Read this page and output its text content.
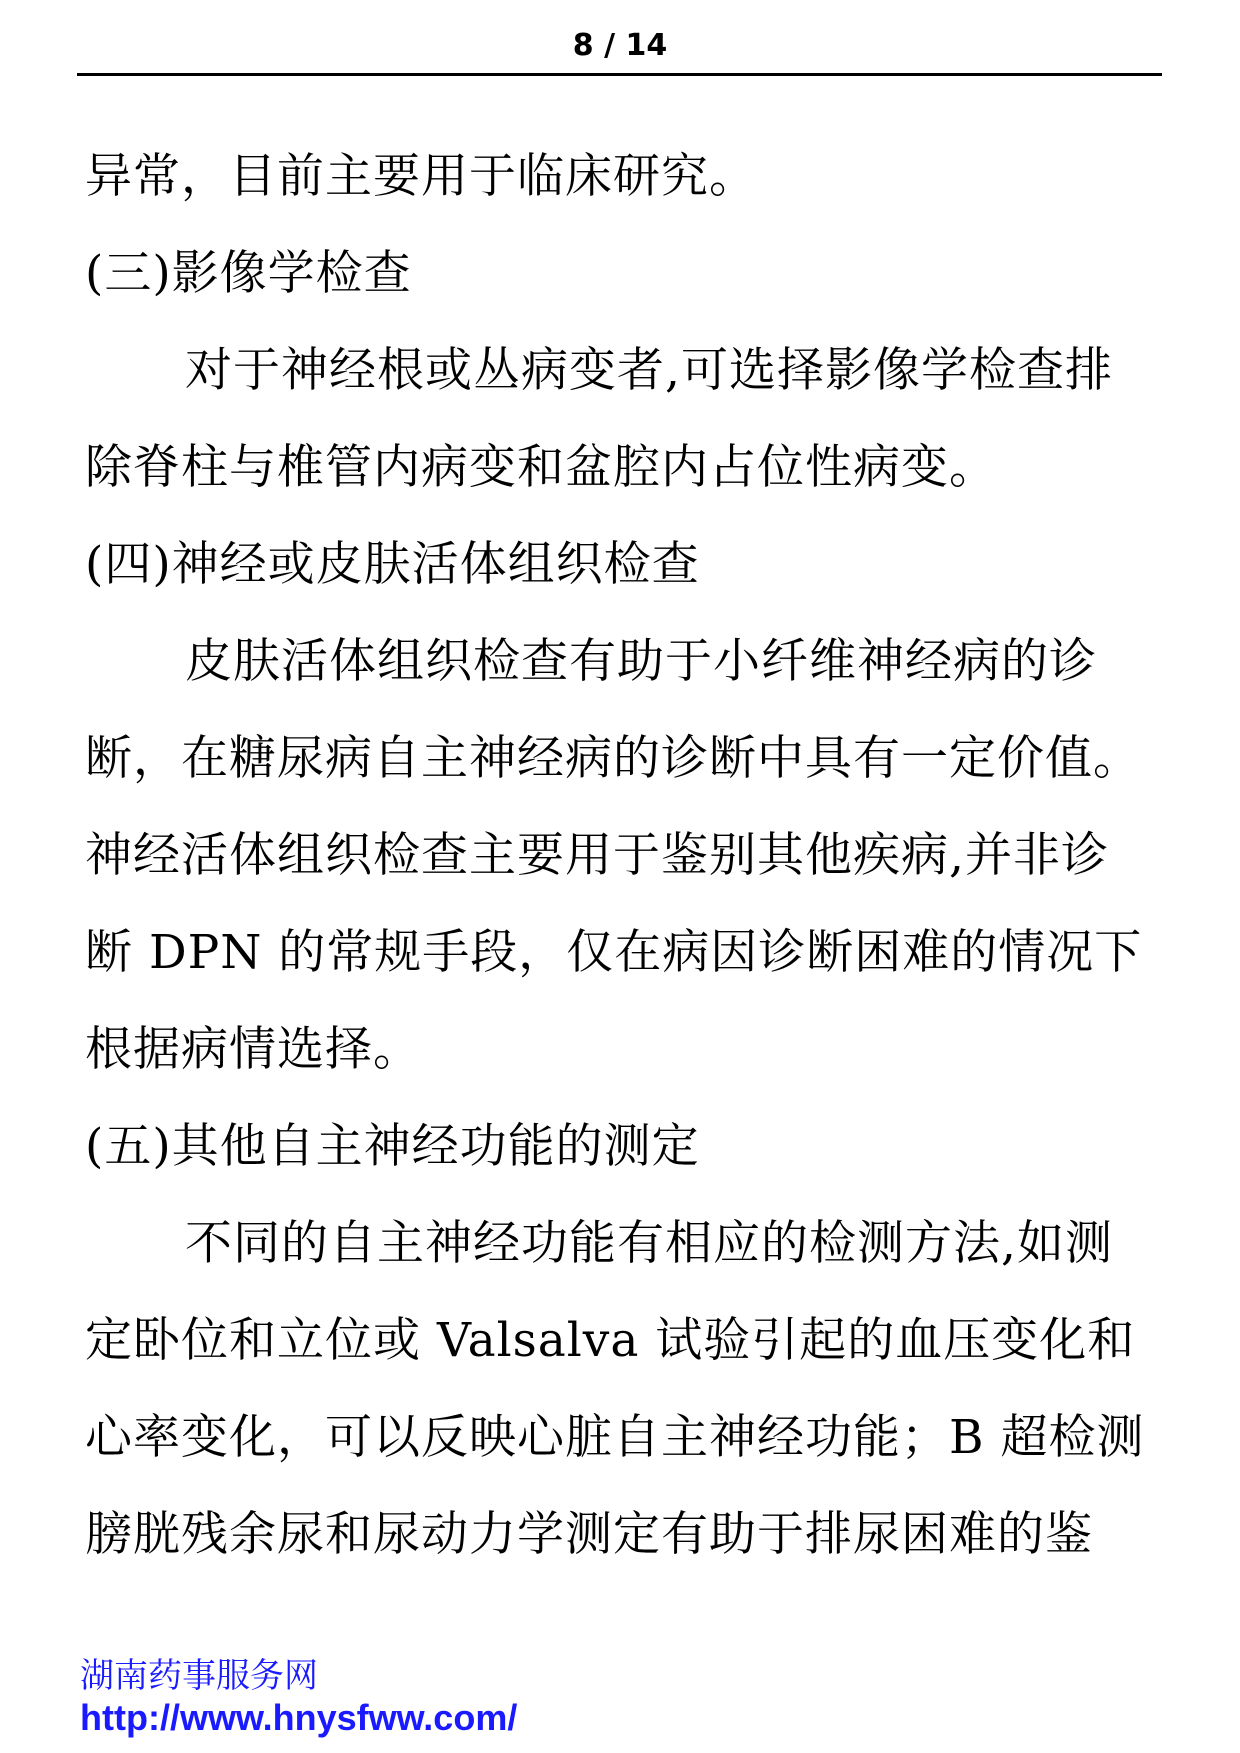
8 / 14
异常，目前主要用于临床研究。
(三)影像学检查
对于神经根或丛病变者,可选择影像学检查排
除脊柱与椎管内病变和盆腔内占位性病变。
(四)神经或皮肤活体组织检查
皮肤活体组织检查有助于小纤维神经病的诊
断，在糖尿病自主神经病的诊断中具有一定价值。
神经活体组织检查主要用于鉴别其他疾病,并非诊
断 DPN 的常规手段，仅在病因诊断困难的情况下
根据病情选择。
(五)其他自主神经功能的测定
不同的自主神经功能有相应的检测方法,如测
定卧位和立位或 Valsalva 试验引起的血压变化和
心率变化，可以反映心脏自主神经功能；B 超检测
膀胱残余尿和尿动力学测定有助于排尿困难的鉴
湖南药事服务网
http://www.hnysfww.com/
